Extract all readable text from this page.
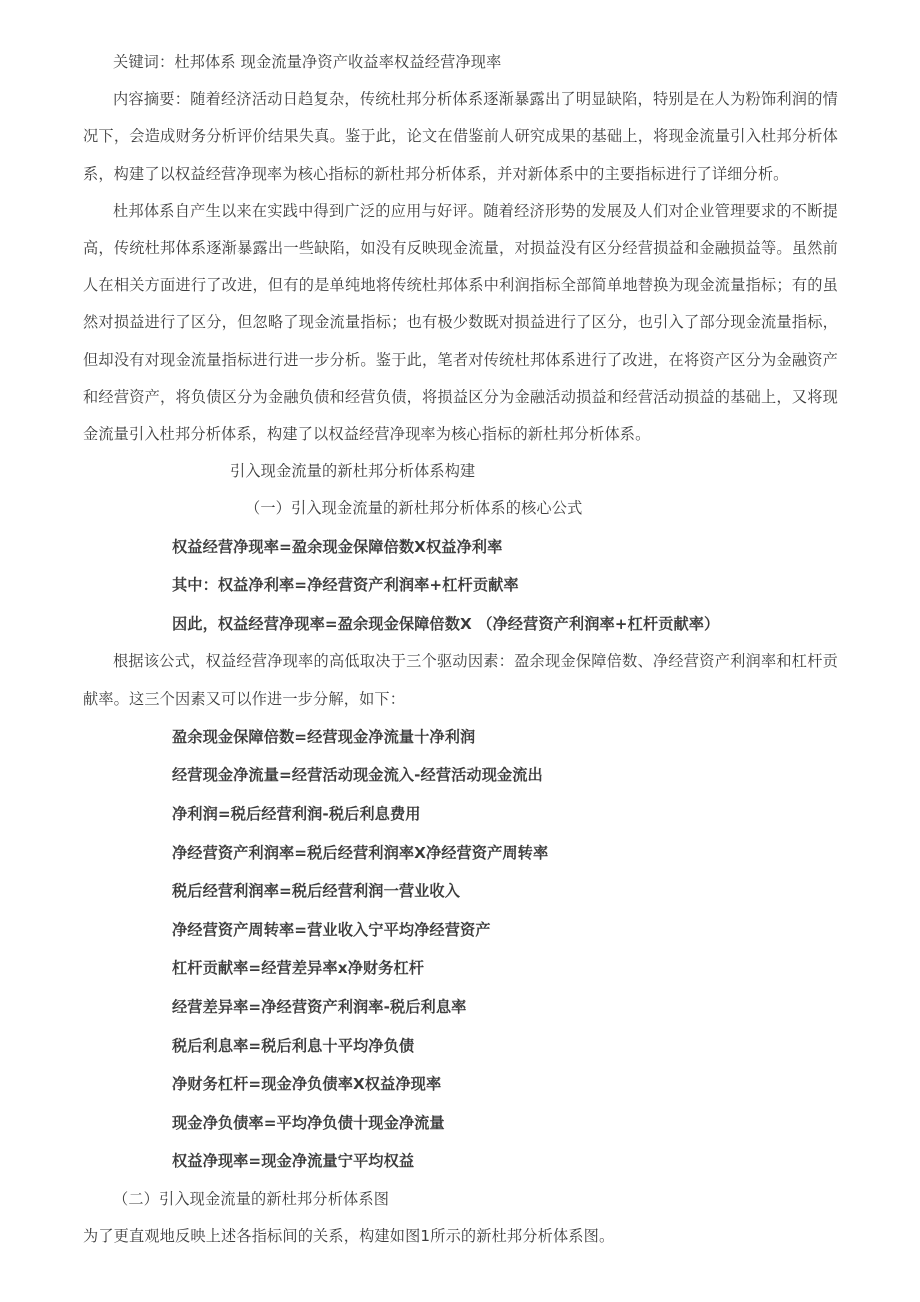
关键词：杜邦体系 现金流量净资产收益率权益经营净现率

内容摘要：随着经济活动日趋复杂，传统杜邦分析体系逐渐暴露出了明显缺陷，特别是在人为粉饰利润的情况下，会造成财务分析评价结果失真。鉴于此，论文在借鉴前人研究成果的基础上，将现金流量引入杜邦分析体系，构建了以权益经营净现率为核心指标的新杜邦分析体系，并对新体系中的主要指标进行了详细分析。

杜邦体系自产生以来在实践中得到广泛的应用与好评。随着经济形势的发展及人们对企业管理要求的不断提高，传统杜邦体系逐渐暴露出一些缺陷，如没有反映现金流量，对损益没有区分经营损益和金融损益等。虽然前人在相关方面进行了改进，但有的是单纯地将传统杜邦体系中利润指标全部简单地替换为现金流量指标；有的虽然对损益进行了区分，但忽略了现金流量指标；也有极少数既对损益进行了区分，也引入了部分现金流量指标，但却没有对现金流量指标进行进一步分析。鉴于此，笔者对传统杜邦体系进行了改进，在将资产区分为金融资产和经营资产，将负债区分为金融负债和经营负债，将损益区分为金融活动损益和经营活动损益的基础上，又将现金流量引入杜邦分析体系，构建了以权益经营净现率为核心指标的新杜邦分析体系。

引入现金流量的新杜邦分析体系构建
（一）引入现金流量的新杜邦分析体系的核心公式
权益经营净现率=盈余现金保障倍数X权益净利率
其中：权益净利率=净经营资产利润率+杠杆贡献率
因此，权益经营净现率=盈余现金保障倍数X （净经营资产利润率+杠杆贡献率）

根据该公式，权益经营净现率的高低取决于三个驱动因素：盈余现金保障倍数、净经营资产利润率和杠杆贡献率。这三个因素又可以作进一步分解，如下：

盈余现金保障倍数=经营现金净流量十净利润
经营现金净流量=经营活动现金流入-经营活动现金流出
净利润=税后经营利润-税后利息费用
净经营资产利润率=税后经营利润率X净经营资产周转率
税后经营利润率=税后经营利润一营业收入
净经营资产周转率=营业收入宁平均净经营资产
杠杆贡献率=经营差异率x净财务杠杆
经营差异率=净经营资产利润率-税后利息率
税后利息率=税后利息十平均净负债
净财务杠杆=现金净负债率X权益净现率
现金净负债率=平均净负债十现金净流量
权益净现率=现金净流量宁平均权益
（二）引入现金流量的新杜邦分析体系图

为了更直观地反映上述各指标间的关系，构建如图1所示的新杜邦分析体系图。
